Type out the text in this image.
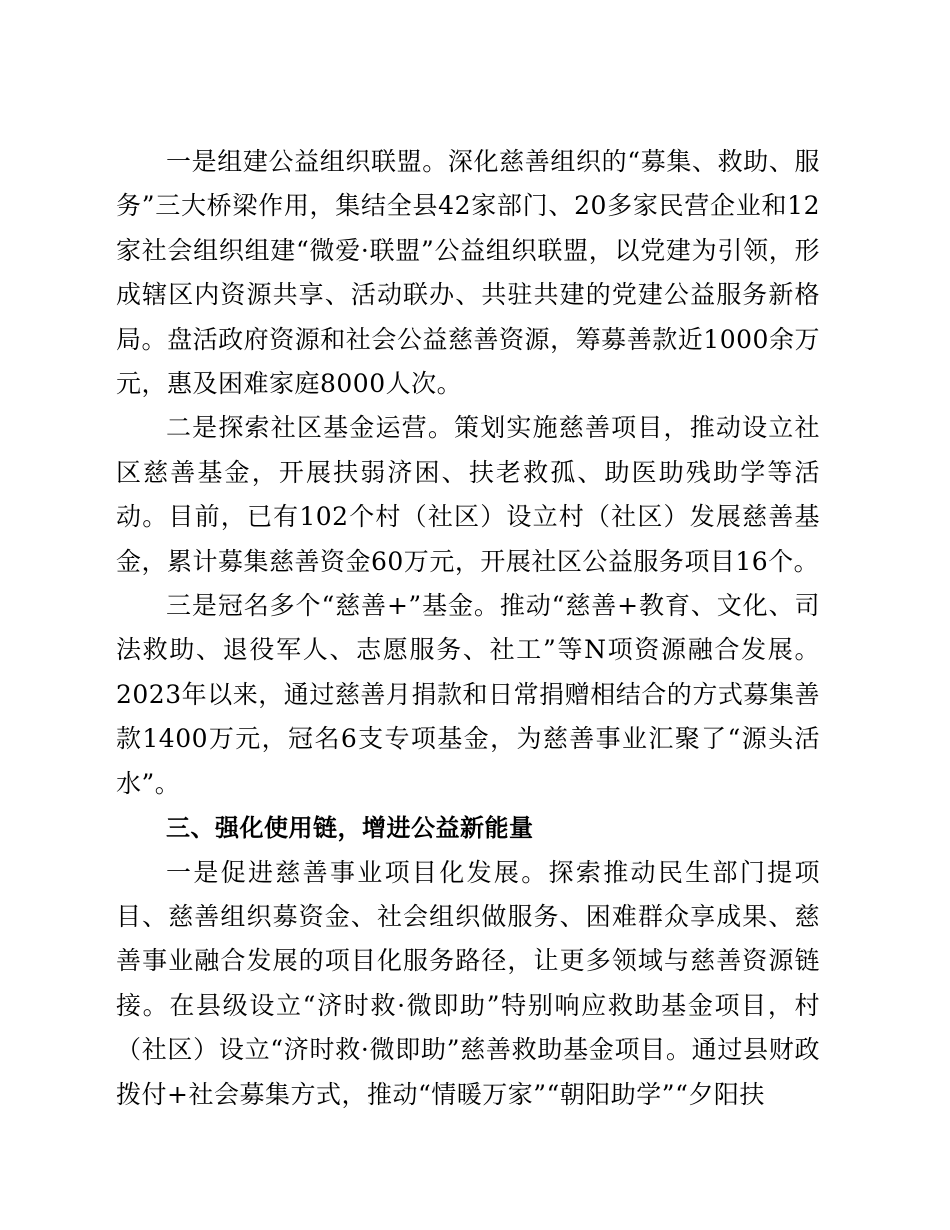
一是组建公益组织联盟。深化慈善组织的“募集、救助、服务”三大桥梁作用，集结全县42家部门、20多家民营企业和12家社会组织组建“微爱·联盟”公益组织联盟，以党建为引领，形成辖区内资源共享、活动联办、共驻共建的党建公益服务新格局。盘活政府资源和社会公益慈善资源，筹募善款近1000余万元，惠及困难家庭8000人次。

二是探索社区基金运营。策划实施慈善项目，推动设立社区慈善基金，开展扶弱济困、扶老救孤、助医助残助学等活动。目前，已有102个村（社区）设立村（社区）发展慈善基金，累计募集慈善资金60万元，开展社区公益服务项目16个。

三是冠名多个“慈善+”基金。推动“慈善+教育、文化、司法救助、退役军人、志愿服务、社工”等N项资源融合发展。2023年以来，通过慈善月捐款和日常捐赠相结合的方式募集善款1400万元，冠名6支专项基金，为慈善事业汇聚了“源头活水”。

三、强化使用链，增进公益新能量

一是促进慈善事业项目化发展。探索推动民生部门提项目、慈善组织募资金、社会组织做服务、困难群众享成果、慈善事业融合发展的项目化服务路径，让更多领域与慈善资源链接。在县级设立“济时救·微即助”特别响应救助基金项目，村（社区）设立“济时救·微即助”慈善救助基金项目。通过县财政拨付+社会募集方式，推动“情暖万家”“朝阳助学”“夕阳扶
